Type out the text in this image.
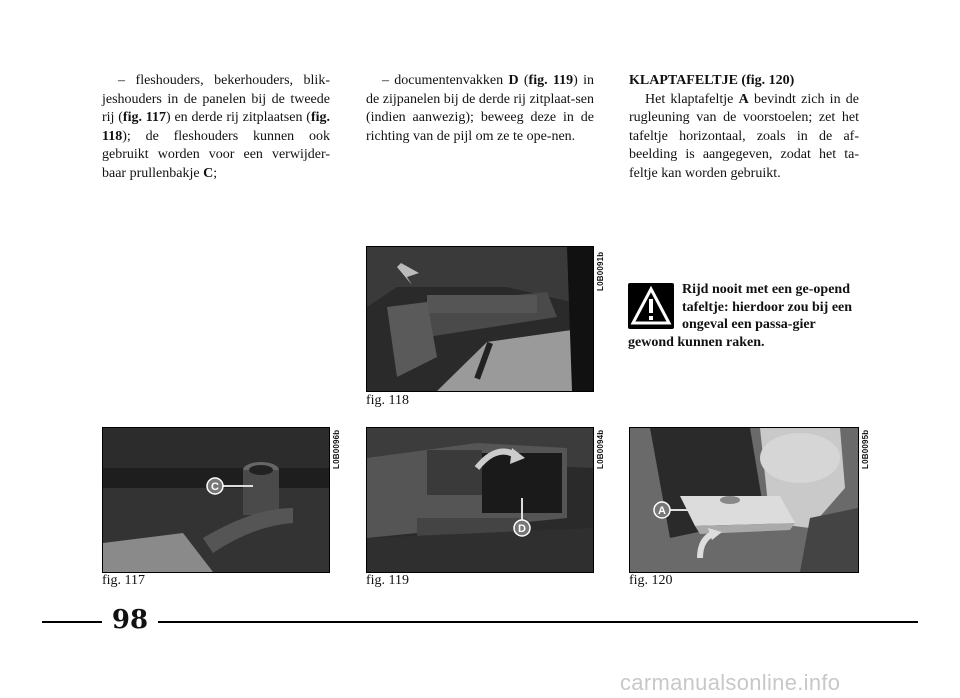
– fleshouders, bekerhouders, blik- jeshouders in de panelen bij de tweede rij (fig. 117) en derde rij zitplaatsen (fig. 118); de fleshouders kunnen ook gebruikt worden voor een verwijder- baar prullenbakje C;

– documentenvakken D (fig. 119) in de zijpanelen bij de derde rij zitplaat-sen (indien aanwezig); beweeg deze in de richting van de pijl om ze te ope-nen.

KLAPTAFELTJE (fig. 120)

Het klaptafeltje A bevindt zich in de rugleuning van de voorstoelen; zet het tafeltje horizontaal, zoals in de af-beelding is aangegeven, zodat het ta-feltje kan worden gebruikt.

Rijd nooit met een ge-opend tafeltje: hierdoor zou bij een ongeval een passa-gier gewond kunnen raken.
L0B0091b
fig. 118
C
L0B0096b
fig. 117
D
L0B0094b
fig. 119
A
L0B0095b
fig. 120
98
carmanualsonline.info
